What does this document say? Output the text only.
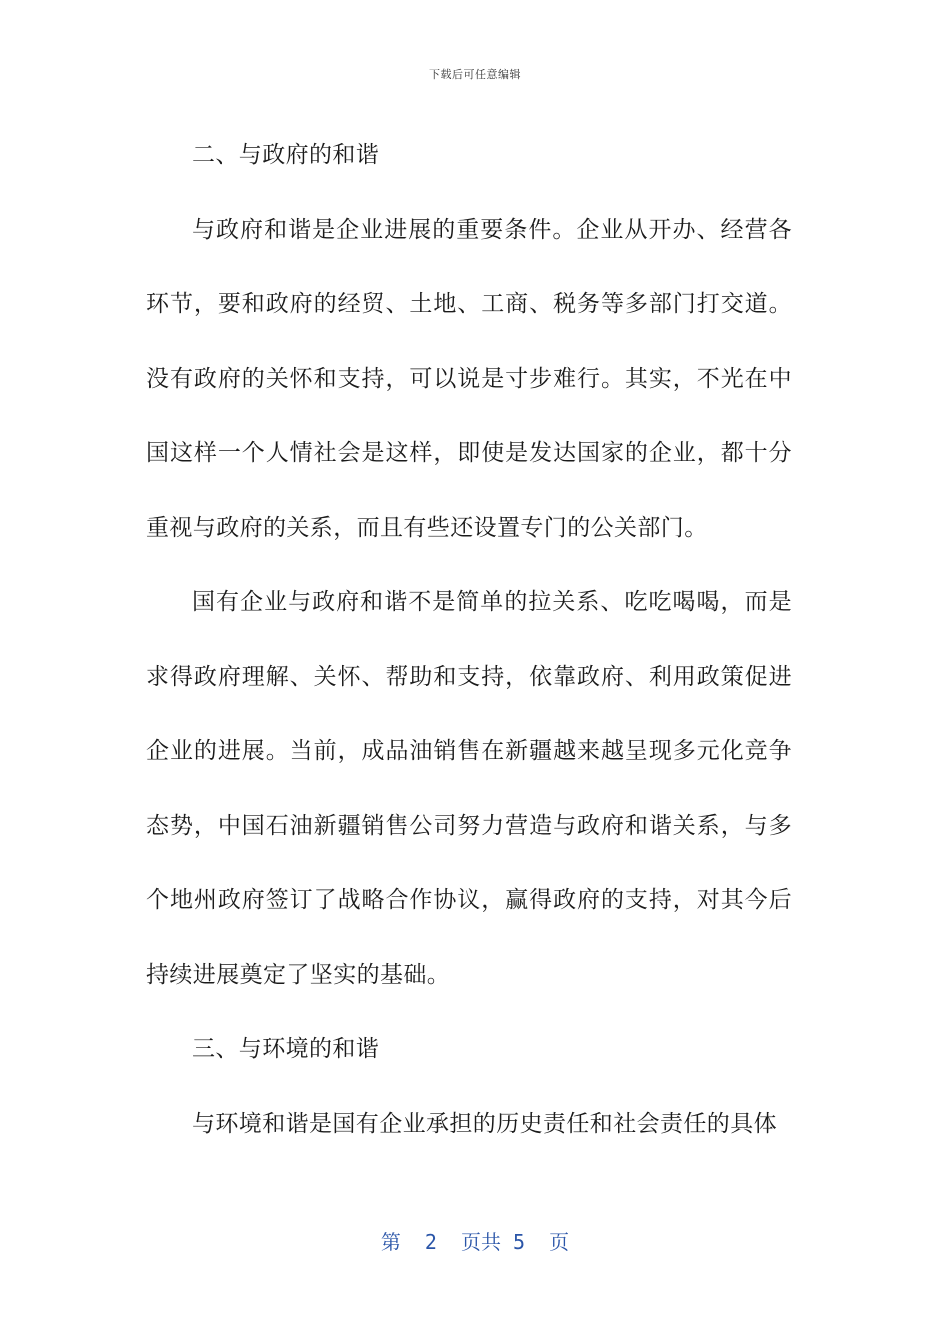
下载后可任意编辑

二、与政府的和谐

与政府和谐是企业进展的重要条件。企业从开办、经营各环节，要和政府的经贸、土地、工商、税务等多部门打交道。没有政府的关怀和支持，可以说是寸步难行。其实，不光在中国这样一个人情社会是这样，即使是发达国家的企业，都十分重视与政府的关系，而且有些还设置专门的公关部门。

国有企业与政府和谐不是简单的拉关系、吃吃喝喝，而是求得政府理解、关怀、帮助和支持，依靠政府、利用政策促进企业的进展。当前，成品油销售在新疆越来越呈现多元化竞争态势，中国石油新疆销售公司努力营造与政府和谐关系，与多个地州政府签订了战略合作协议，赢得政府的支持，对其今后持续进展奠定了坚实的基础。

三、与环境的和谐

与环境和谐是国有企业承担的历史责任和社会责任的具体

第  2  页共 5  页
